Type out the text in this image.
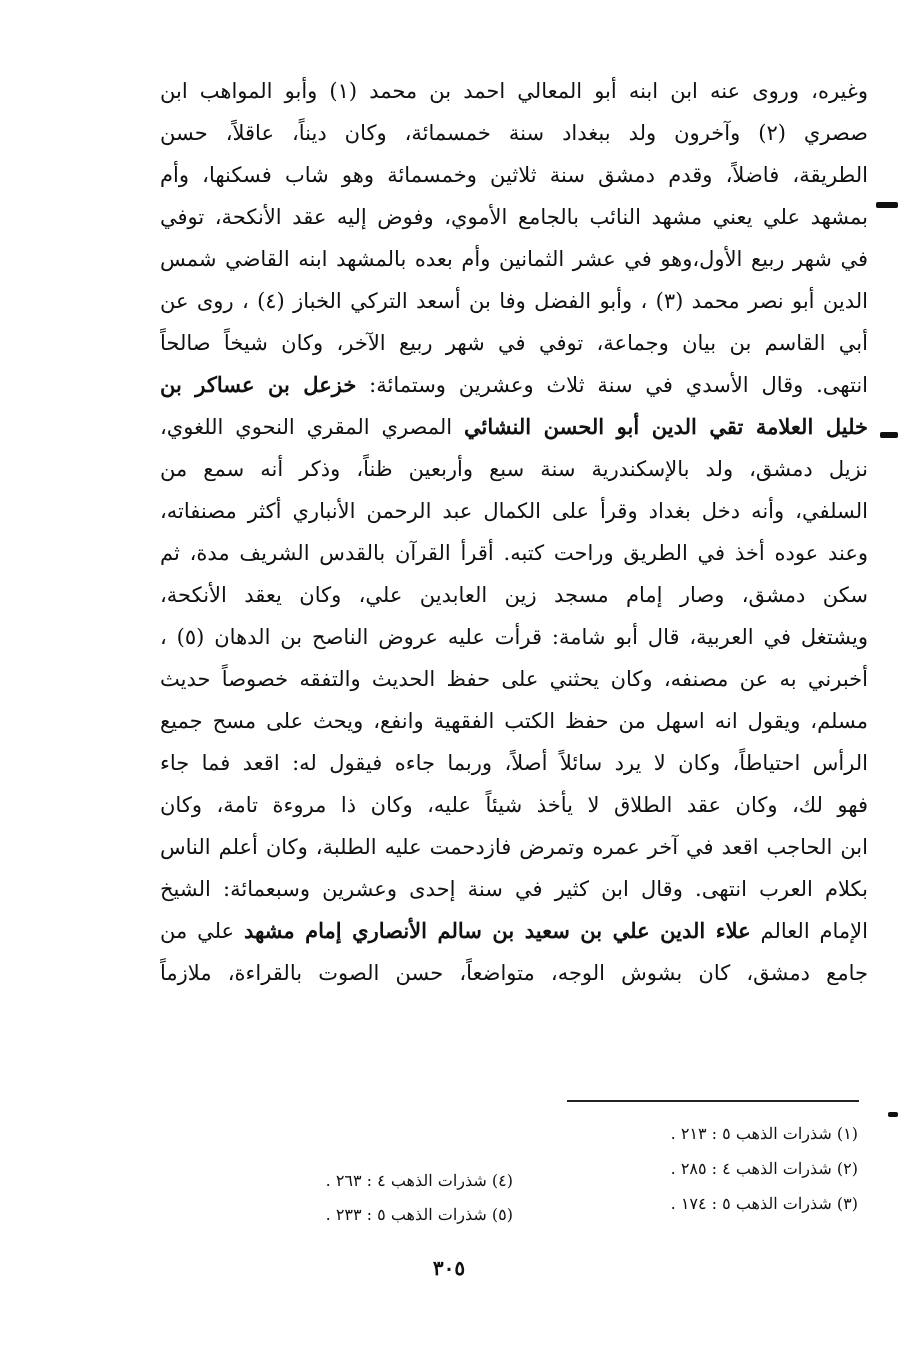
وغيره، وروى عنه ابن ابنه أبو المعالي احمد بن محمد (١) وأبو المواهب ابن
صصري (٢) وآخرون ولد ببغداد سنة خمسمائة، وكان ديناً، عاقلاً، حسن
الطريقة، فاضلاً، وقدم دمشق سنة ثلاثين وخمسمائة وهو شاب فسكنها، وأم
بمشهد علي يعني مشهد النائب بالجامع الأموي، وفوض إليه عقد الأنكحة، توفي
في شهر ربيع الأول،وهو في عشر الثمانين وأم بعده بالمشهد ابنه القاضي شمس
الدين أبو نصر محمد (٣) ، وأبو الفضل وفا بن أسعد التركي الخباز (٤) ، روى عن
أبي القاسم بن بيان وجماعة، توفي في شهر ربيع الآخر، وكان شيخاً صالحاً
انتهى. وقال الأسدي في سنة ثلاث وعشرين وستمائة: خزعل بن عساكر بن
خليل العلامة تقي الدين أبو الحسن النشائي المصري المقري النحوي اللغوي،
نزيل دمشق، ولد بالإسكندرية سنة سبع وأربعين ظناً، وذكر أنه سمع من
السلفي، وأنه دخل بغداد وقرأ على الكمال عبد الرحمن الأنباري أكثر مصنفاته،
وعند عوده أخذ في الطريق وراحت كتبه. أقرأ القرآن بالقدس الشريف مدة، ثم
سكن دمشق، وصار إمام مسجد زين العابدين علي، وكان يعقد الأنكحة،
ويشتغل في العربية، قال أبو شامة: قرأت عليه عروض الناصح بن الدهان (٥) ،
أخبرني به عن مصنفه، وكان يحثني على حفظ الحديث والتفقه خصوصاً حديث
مسلم، ويقول انه اسهل من حفظ الكتب الفقهية وانفع، ويحث على مسح جميع
الرأس احتياطاً، وكان لا يرد سائلاً أصلاً، وربما جاءه فيقول له: اقعد فما جاء
فهو لك، وكان عقد الطلاق لا يأخذ شيئاً عليه، وكان ذا مروءة تامة، وكان
ابن الحاجب اقعد في آخر عمره وتمرض فازدحمت عليه الطلبة، وكان أعلم الناس
بكلام العرب انتهى. وقال ابن كثير في سنة إحدى وعشرين وسبعمائة: الشيخ
الإمام العالم علاء الدين علي بن سعيد بن سالم الأنصاري إمام مشهد علي من
جامع دمشق، كان بشوش الوجه، متواضعاً، حسن الصوت بالقراءة، ملازماً
(١) شذرات الذهب ٥ : ٢١٣ .
(٢) شذرات الذهب ٤ : ٢٨٥ .
(٣) شذرات الذهب ٥ : ١٧٤ .
(٤) شذرات الذهب ٤ : ٢٦٣ .
(٥) شذرات الذهب ٥ : ٢٣٣ .
٣٠٥
